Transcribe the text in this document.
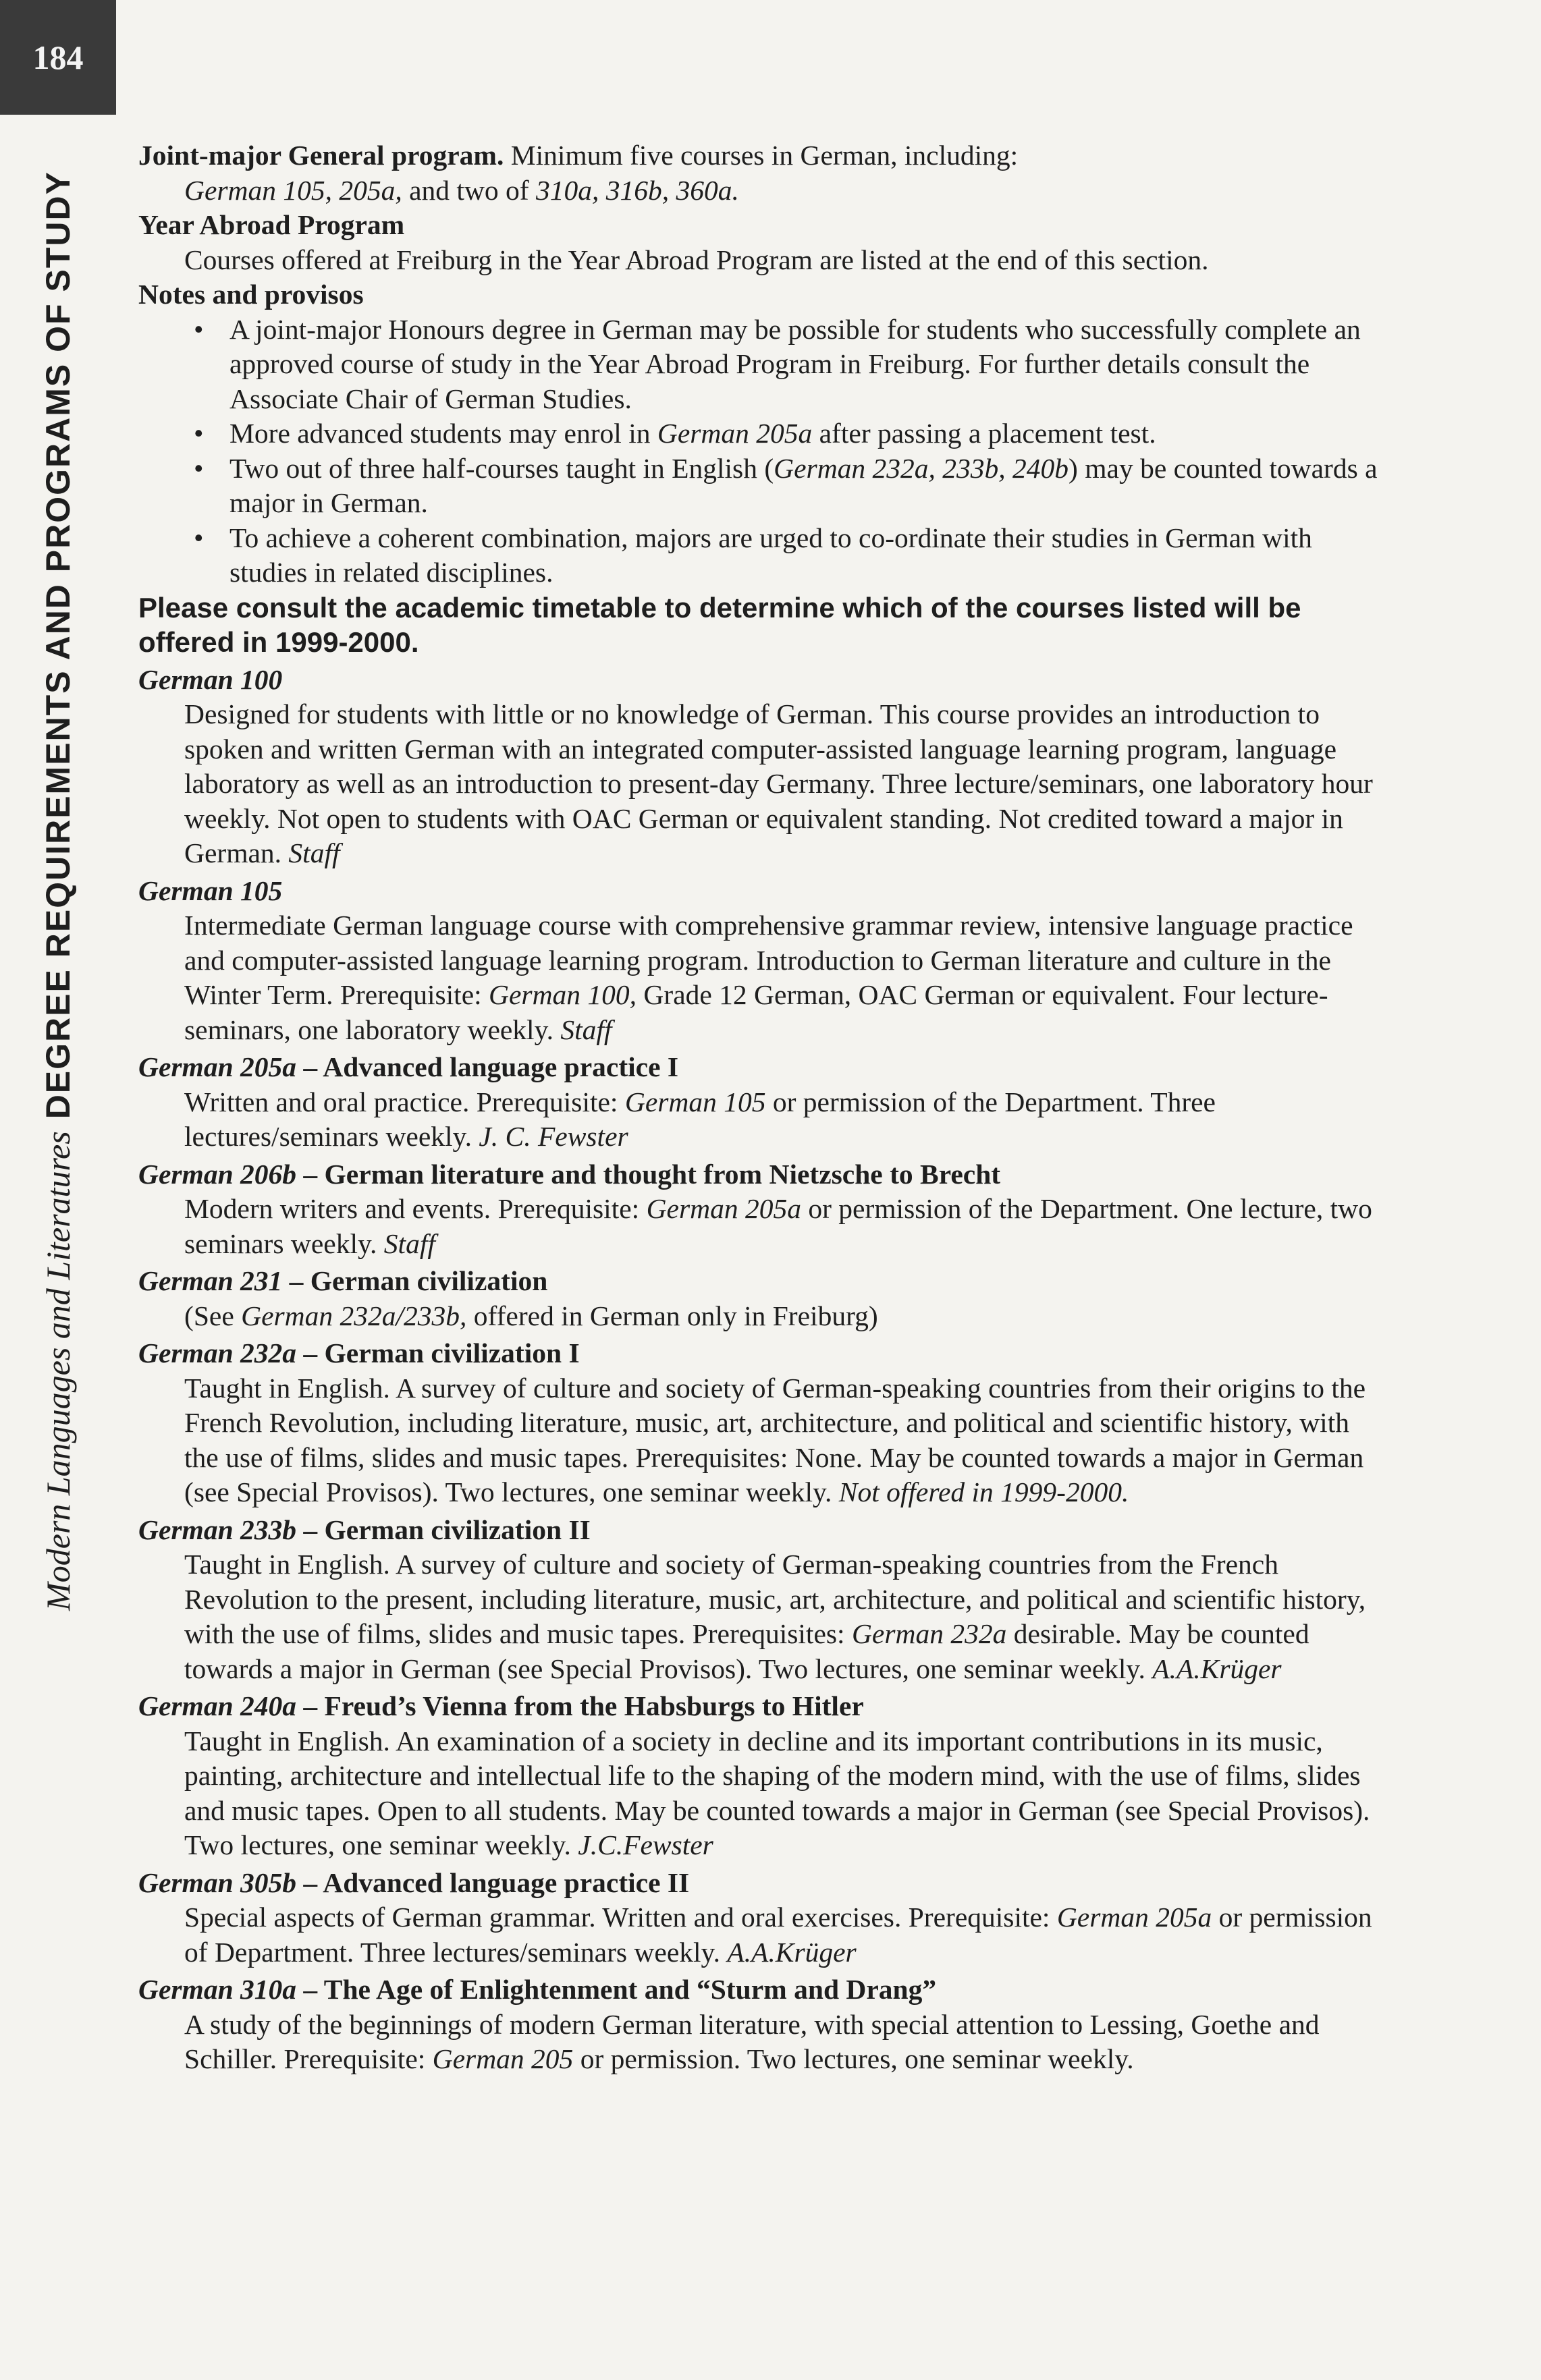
184
Modern Languages and LiteraturesDEGREE REQUIREMENTS AND PROGRAMS OF STUDY

Joint-major General program. Minimum five courses in German, including:

German 105, 205a, and two of 310a, 316b, 360a.

Year Abroad Program

Courses offered at Freiburg in the Year Abroad Program are listed at the end of this section.

Notes and provisos

• A joint-major Honours degree in German may be possible for students who successfully complete an approved course of study in the Year Abroad Program in Freiburg. For further details consult the Associate Chair of German Studies.
• More advanced students may enrol in German 205a after passing a placement test.
• Two out of three half-courses taught in English (German 232a, 233b, 240b) may be counted towards a major in German.
• To achieve a coherent combination, majors are urged to co-ordinate their studies in German with studies in related disciplines.

Please consult the academic timetable to determine which of the courses listed will be offered in 1999-2000.

German 100

Designed for students with little or no knowledge of German. This course provides an introduction to spoken and written German with an integrated computer-assisted language learning program, language laboratory as well as an introduction to present-day Germany. Three lecture/seminars, one laboratory hour weekly. Not open to students with OAC German or equivalent standing. Not credited toward a major in German. Staff

German 105

Intermediate German language course with comprehensive grammar review, intensive language practice and computer-assisted language learning program. Introduction to German literature and culture in the Winter Term. Prerequisite: German 100, Grade 12 German, OAC German or equivalent. Four lecture-seminars, one laboratory weekly. Staff

German 205a – Advanced language practice I

Written and oral practice. Prerequisite: German 105 or permission of the Department. Three lectures/seminars weekly. J. C. Fewster

German 206b – German literature and thought from Nietzsche to Brecht

Modern writers and events. Prerequisite: German 205a or permission of the Department. One lecture, two seminars weekly. Staff

German 231 – German civilization

(See German 232a/233b, offered in German only in Freiburg)

German 232a – German civilization I

Taught in English. A survey of culture and society of German-speaking countries from their origins to the French Revolution, including literature, music, art, architecture, and political and scientific history, with the use of films, slides and music tapes. Prerequisites: None. May be counted towards a major in German (see Special Provisos). Two lectures, one seminar weekly. Not offered in 1999-2000.

German 233b – German civilization II

Taught in English. A survey of culture and society of German-speaking countries from the French Revolution to the present, including literature, music, art, architecture, and political and scientific history, with the use of films, slides and music tapes. Prerequisites: German 232a desirable. May be counted towards a major in German (see Special Provisos). Two lectures, one seminar weekly. A.A.Krüger

German 240a – Freud’s Vienna from the Habsburgs to Hitler

Taught in English. An examination of a society in decline and its important contributions in its music, painting, architecture and intellectual life to the shaping of the modern mind, with the use of films, slides and music tapes. Open to all students. May be counted towards a major in German (see Special Provisos). Two lectures, one seminar weekly. J.C.Fewster

German 305b – Advanced language practice II

Special aspects of German grammar. Written and oral exercises. Prerequisite: German 205a or permission of Department. Three lectures/seminars weekly. A.A.Krüger

German 310a – The Age of Enlightenment and “Sturm and Drang”

A study of the beginnings of modern German literature, with special attention to Lessing, Goethe and Schiller. Prerequisite: German 205 or permission. Two lectures, one seminar weekly.
